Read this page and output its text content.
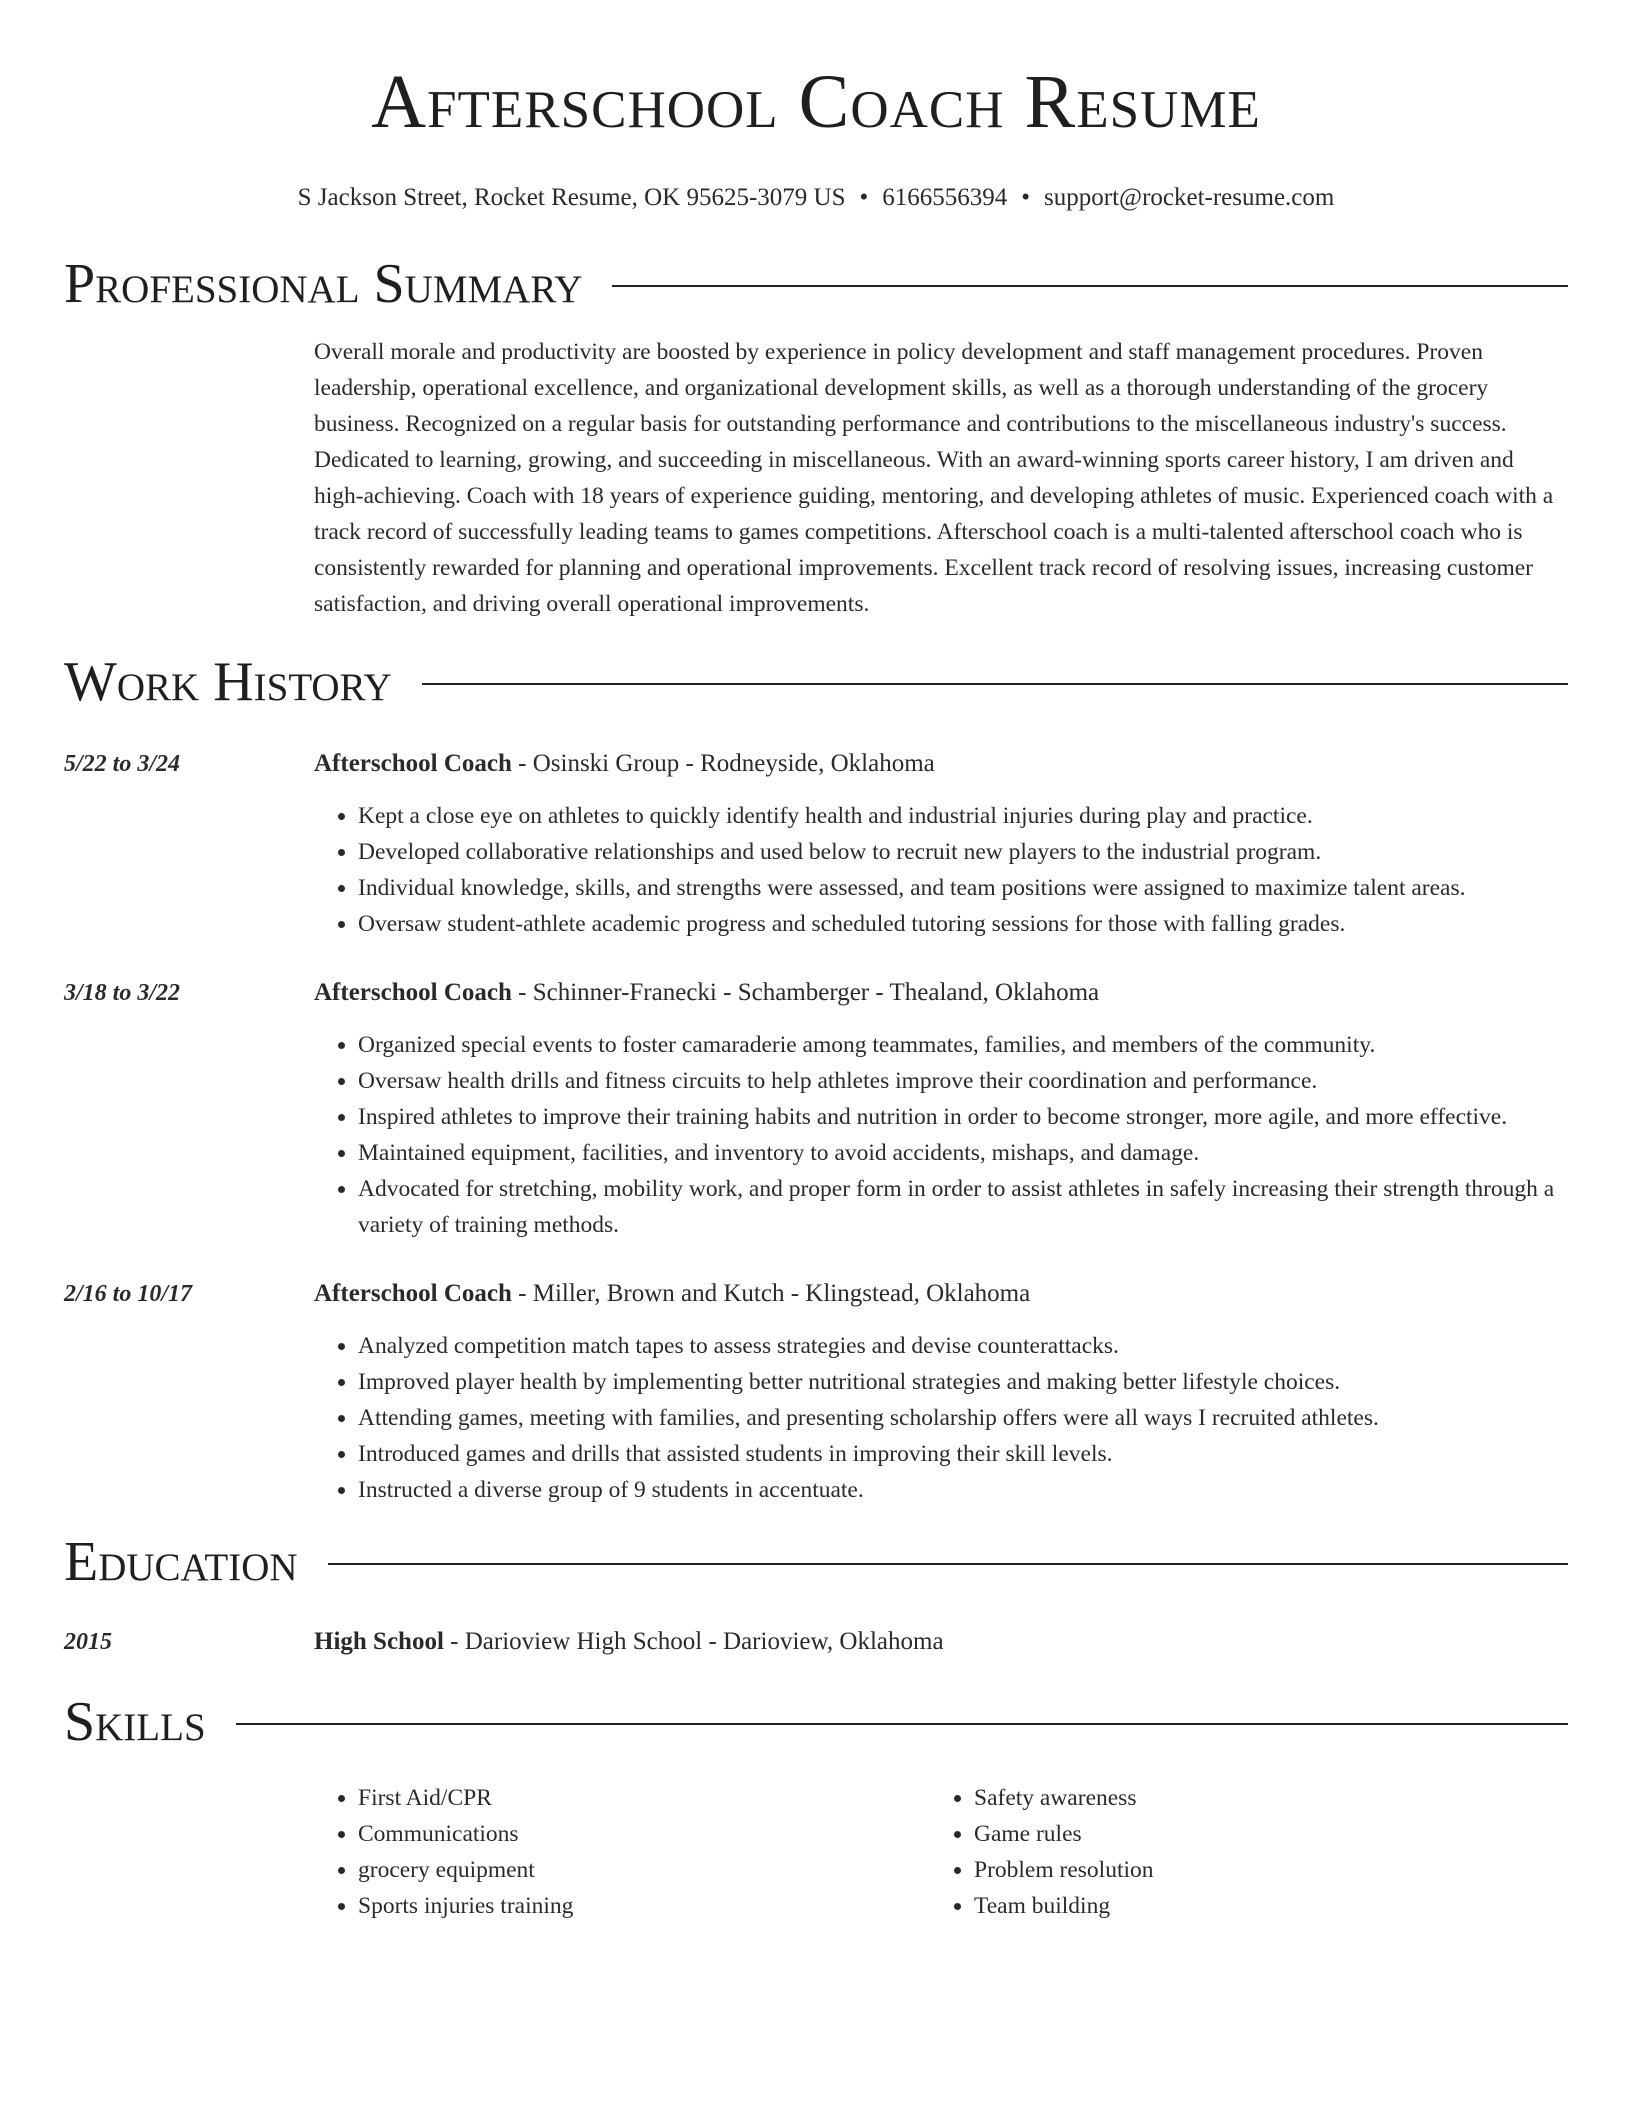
Afterschool Coach Resume
S Jackson Street, Rocket Resume, OK 95625-3079 US • 6166556394 • support@rocket-resume.com
Professional Summary
Overall morale and productivity are boosted by experience in policy development and staff management procedures. Proven leadership, operational excellence, and organizational development skills, as well as a thorough understanding of the grocery business. Recognized on a regular basis for outstanding performance and contributions to the miscellaneous industry's success. Dedicated to learning, growing, and succeeding in miscellaneous. With an award-winning sports career history, I am driven and high-achieving. Coach with 18 years of experience guiding, mentoring, and developing athletes of music. Experienced coach with a track record of successfully leading teams to games competitions. Afterschool coach is a multi-talented afterschool coach who is consistently rewarded for planning and operational improvements. Excellent track record of resolving issues, increasing customer satisfaction, and driving overall operational improvements.
Work History
5/22 to 3/24	Afterschool Coach - Osinski Group - Rodneyside, Oklahoma
• Kept a close eye on athletes to quickly identify health and industrial injuries during play and practice.
• Developed collaborative relationships and used below to recruit new players to the industrial program.
• Individual knowledge, skills, and strengths were assessed, and team positions were assigned to maximize talent areas.
• Oversaw student-athlete academic progress and scheduled tutoring sessions for those with falling grades.
3/18 to 3/22	Afterschool Coach - Schinner-Franecki - Schamberger - Thealand, Oklahoma
• Organized special events to foster camaraderie among teammates, families, and members of the community.
• Oversaw health drills and fitness circuits to help athletes improve their coordination and performance.
• Inspired athletes to improve their training habits and nutrition in order to become stronger, more agile, and more effective.
• Maintained equipment, facilities, and inventory to avoid accidents, mishaps, and damage.
• Advocated for stretching, mobility work, and proper form in order to assist athletes in safely increasing their strength through a variety of training methods.
2/16 to 10/17	Afterschool Coach - Miller, Brown and Kutch - Klingstead, Oklahoma
• Analyzed competition match tapes to assess strategies and devise counterattacks.
• Improved player health by implementing better nutritional strategies and making better lifestyle choices.
• Attending games, meeting with families, and presenting scholarship offers were all ways I recruited athletes.
• Introduced games and drills that assisted students in improving their skill levels.
• Instructed a diverse group of 9 students in accentuate.
Education
2015	High School - Darioview High School - Darioview, Oklahoma
Skills
• First Aid/CPR
• Communications
• grocery equipment
• Sports injuries training
• Safety awareness
• Game rules
• Problem resolution
• Team building
